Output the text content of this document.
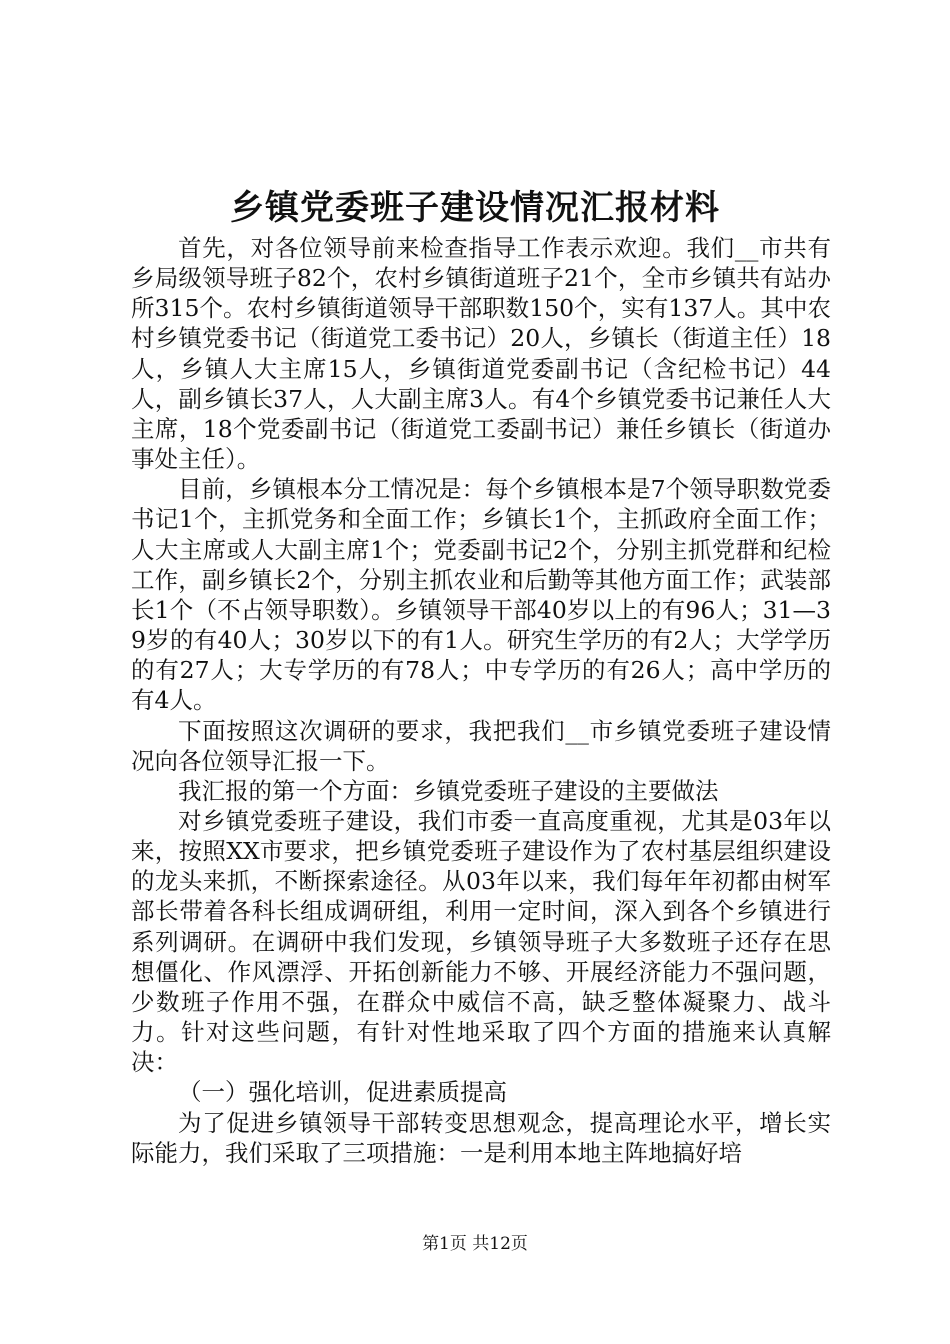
乡镇党委班子建设情况汇报材料

首先，对各位领导前来检查指导工作表示欢迎。我们__市共有乡局级领导班子82个，农村乡镇街道班子21个，全市乡镇共有站办所315个。农村乡镇街道领导干部职数150个，实有137人。其中农村乡镇党委书记（街道党工委书记）20人，乡镇长（街道主任）18人，乡镇人大主席15人，乡镇街道党委副书记（含纪检书记）44人，副乡镇长37人，人大副主席3人。有4个乡镇党委书记兼任人大主席，18个党委副书记（街道党工委副书记）兼任乡镇长（街道办事处主任）。

目前，乡镇根本分工情况是：每个乡镇根本是7个领导职数党委书记1个，主抓党务和全面工作；乡镇长1个，主抓政府全面工作；人大主席或人大副主席1个；党委副书记2个，分别主抓党群和纪检工作，副乡镇长2个，分别主抓农业和后勤等其他方面工作；武装部长1个（不占领导职数）。乡镇领导干部40岁以上的有96人；31—39岁的有40人；30岁以下的有1人。研究生学历的有2人；大学学历的有27人；大专学历的有78人；中专学历的有26人；高中学历的有4人。

下面按照这次调研的要求，我把我们__市乡镇党委班子建设情况向各位领导汇报一下。

我汇报的第一个方面：乡镇党委班子建设的主要做法

对乡镇党委班子建设，我们市委一直高度重视，尤其是03年以来，按照XX市要求，把乡镇党委班子建设作为了农村基层组织建设的龙头来抓，不断探索途径。从03年以来，我们每年年初都由树军部长带着各科长组成调研组，利用一定时间，深入到各个乡镇进行系列调研。在调研中我们发现，乡镇领导班子大多数班子还存在思想僵化、作风漂浮、开拓创新能力不够、开展经济能力不强问题，少数班子作用不强，在群众中威信不高，缺乏整体凝聚力、战斗力。针对这些问题，有针对性地采取了四个方面的措施来认真解决：

（一）强化培训，促进素质提高

为了促进乡镇领导干部转变思想观念，提高理论水平，增长实际能力，我们采取了三项措施：一是利用本地主阵地搞好培

第1页 共12页
